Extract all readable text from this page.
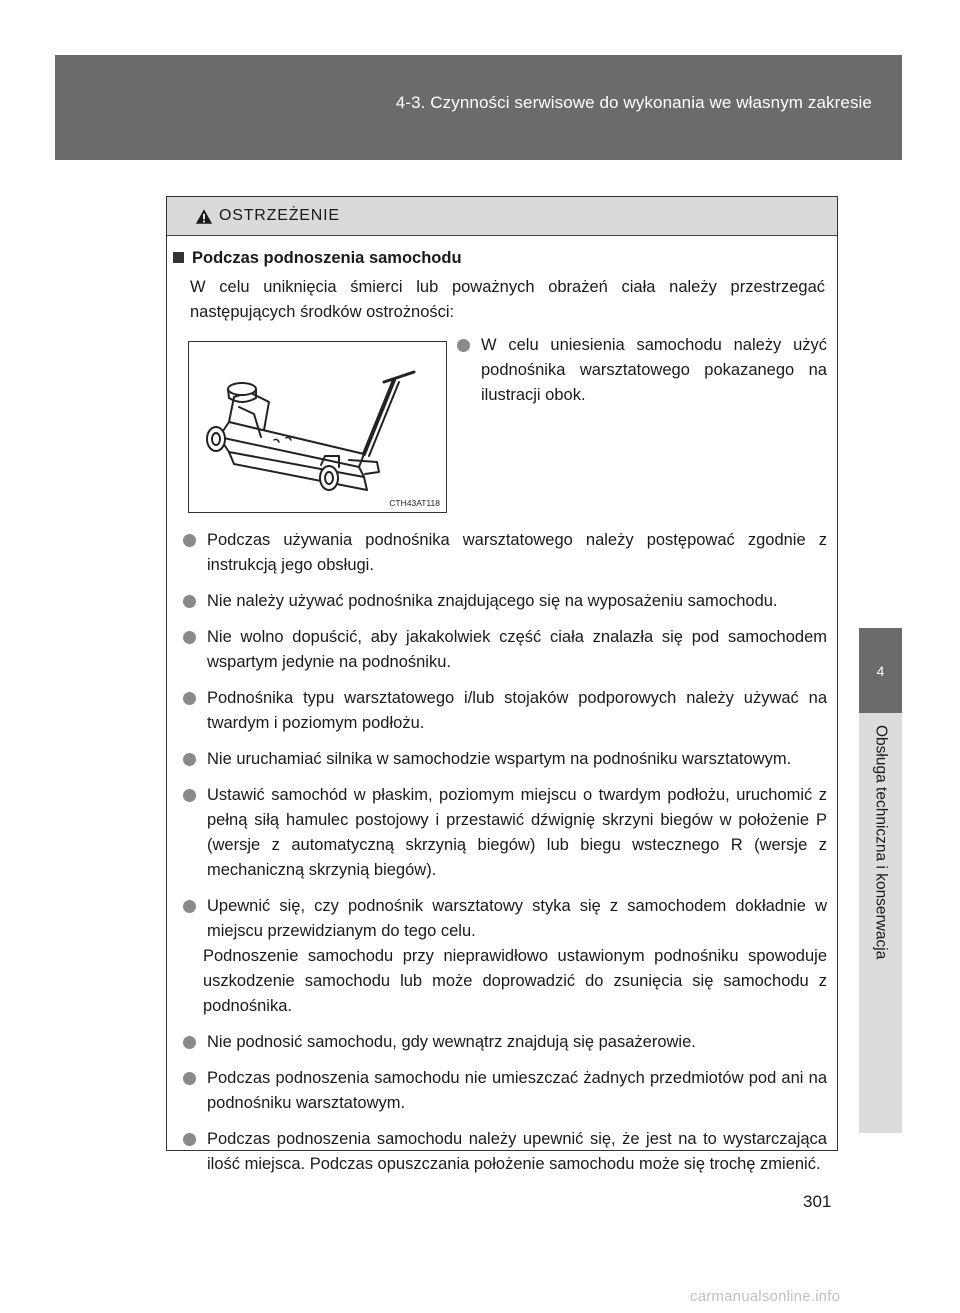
4-3. Czynności serwisowe do wykonania we własnym zakresie
4
Obsługa techniczna i konserwacja
OSTRZEŻENIE
Podczas podnoszenia samochodu
W celu uniknięcia śmierci lub poważnych obrażeń ciała należy przestrzegać następujących środków ostrożności:
CTH43AT118
W celu uniesienia samochodu należy użyć podnośnika warsztatowego pokazanego na ilustracji obok.
Podczas używania podnośnika warsztatowego należy postępować zgodnie z instrukcją jego obsługi.
Nie należy używać podnośnika znajdującego się na wyposażeniu samochodu.
Nie wolno dopuścić, aby jakakolwiek część ciała znalazła się pod samochodem wspartym jedynie na podnośniku.
Podnośnika typu warsztatowego i/lub stojaków podporowych należy używać na twardym i poziomym podłożu.
Nie uruchamiać silnika w samochodzie wspartym na podnośniku warsztatowym.
Ustawić samochód w płaskim, poziomym miejscu o twardym podłożu, uruchomić z pełną siłą hamulec postojowy i przestawić dźwignię skrzyni biegów w położenie P (wersje z automatyczną skrzynią biegów) lub biegu wstecznego R (wersje z mechaniczną skrzynią biegów).
Upewnić się, czy podnośnik warsztatowy styka się z samochodem dokładnie w miejscu przewidzianym do tego celu.
Podnoszenie samochodu przy nieprawidłowo ustawionym podnośniku spowoduje uszkodzenie samochodu lub może doprowadzić do zsunięcia się samochodu z podnośnika.
Nie podnosić samochodu, gdy wewnątrz znajdują się pasażerowie.
Podczas podnoszenia samochodu nie umieszczać żadnych przedmiotów pod ani na podnośniku warsztatowym.
Podczas podnoszenia samochodu należy upewnić się, że jest na to wystarczająca ilość miejsca. Podczas opuszczania położenie samochodu może się trochę zmienić.
301
carmanualsonline.info
